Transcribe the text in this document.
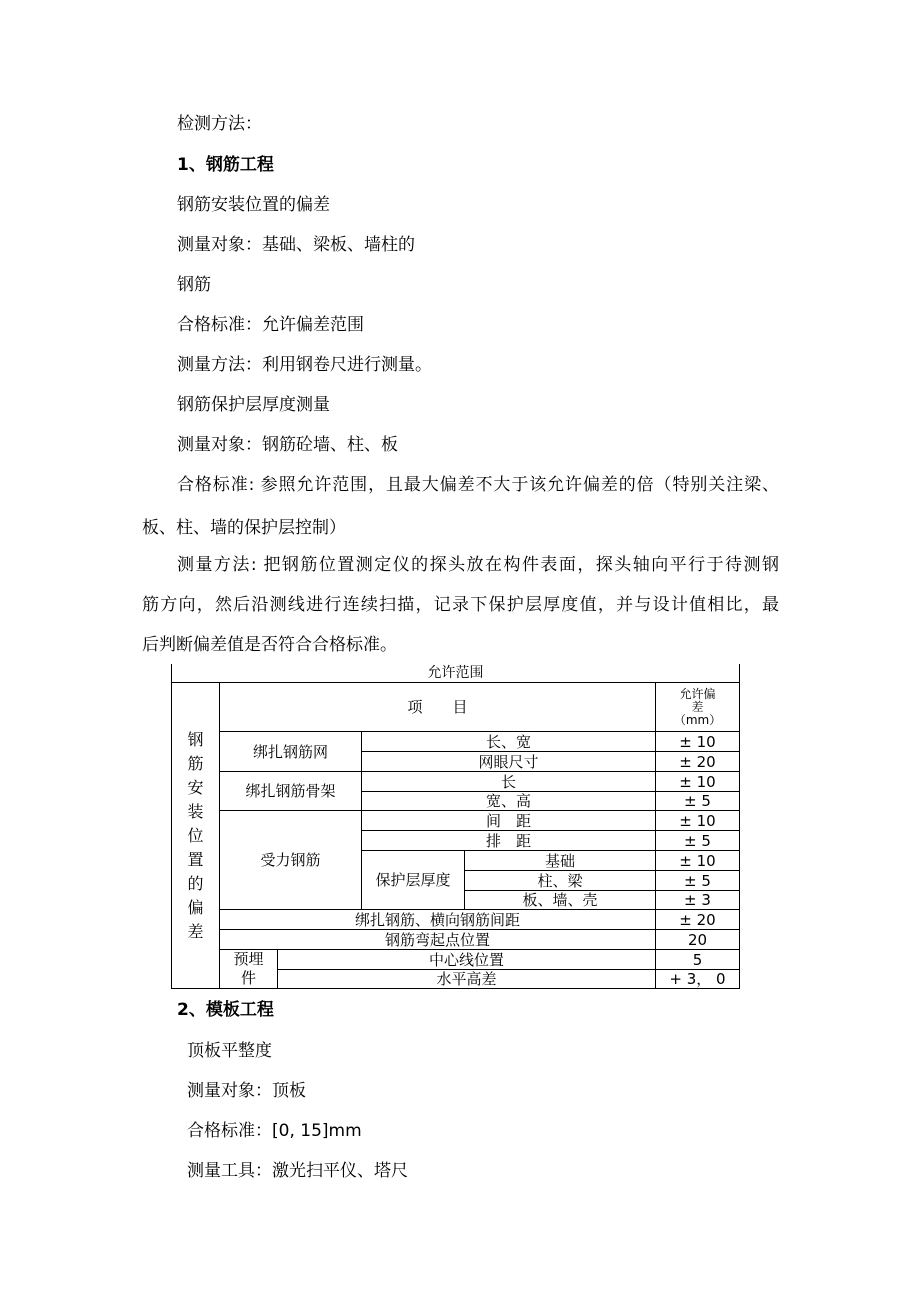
检测方法：
1、钢筋工程
钢筋安装位置的偏差
测量对象：基础、梁板、墙柱的
钢筋
合格标准：允许偏差范围
测量方法：利用钢卷尺进行测量。
钢筋保护层厚度测量
测量对象：钢筋砼墙、柱、板
合格标准: 参照允许范围，且最大偏差不大于该允许偏差的倍（特别关注梁、
板、柱、墙的保护层控制）
测量方法: 把钢筋位置测定仪的探头放在构件表面，探头轴向平行于待测钢
筋方向，然后沿测线进行连续扫描，记录下保护层厚度值，并与设计值相比，最
后判断偏差值是否符合合格标准。
允许范围
钢筋安装位置的偏差
项　　目
允许偏差（mm）
绑扎钢筋网
长、宽	± 10
网眼尺寸	± 20
绑扎钢筋骨架
长	± 10
宽、高	± 5
受力钢筋
间　距	± 10
排　距	± 5
保护层厚度
基础	± 10
柱、梁	± 5
板、墙、壳	± 3
绑扎钢筋、横向钢筋间距	± 20
钢筋弯起点位置	20
预埋件
中心线位置	5
水平高差	+ 3， 0
2、模板工程
顶板平整度
测量对象：顶板
合格标准：[0, 15]mm
测量工具：激光扫平仪、塔尺
